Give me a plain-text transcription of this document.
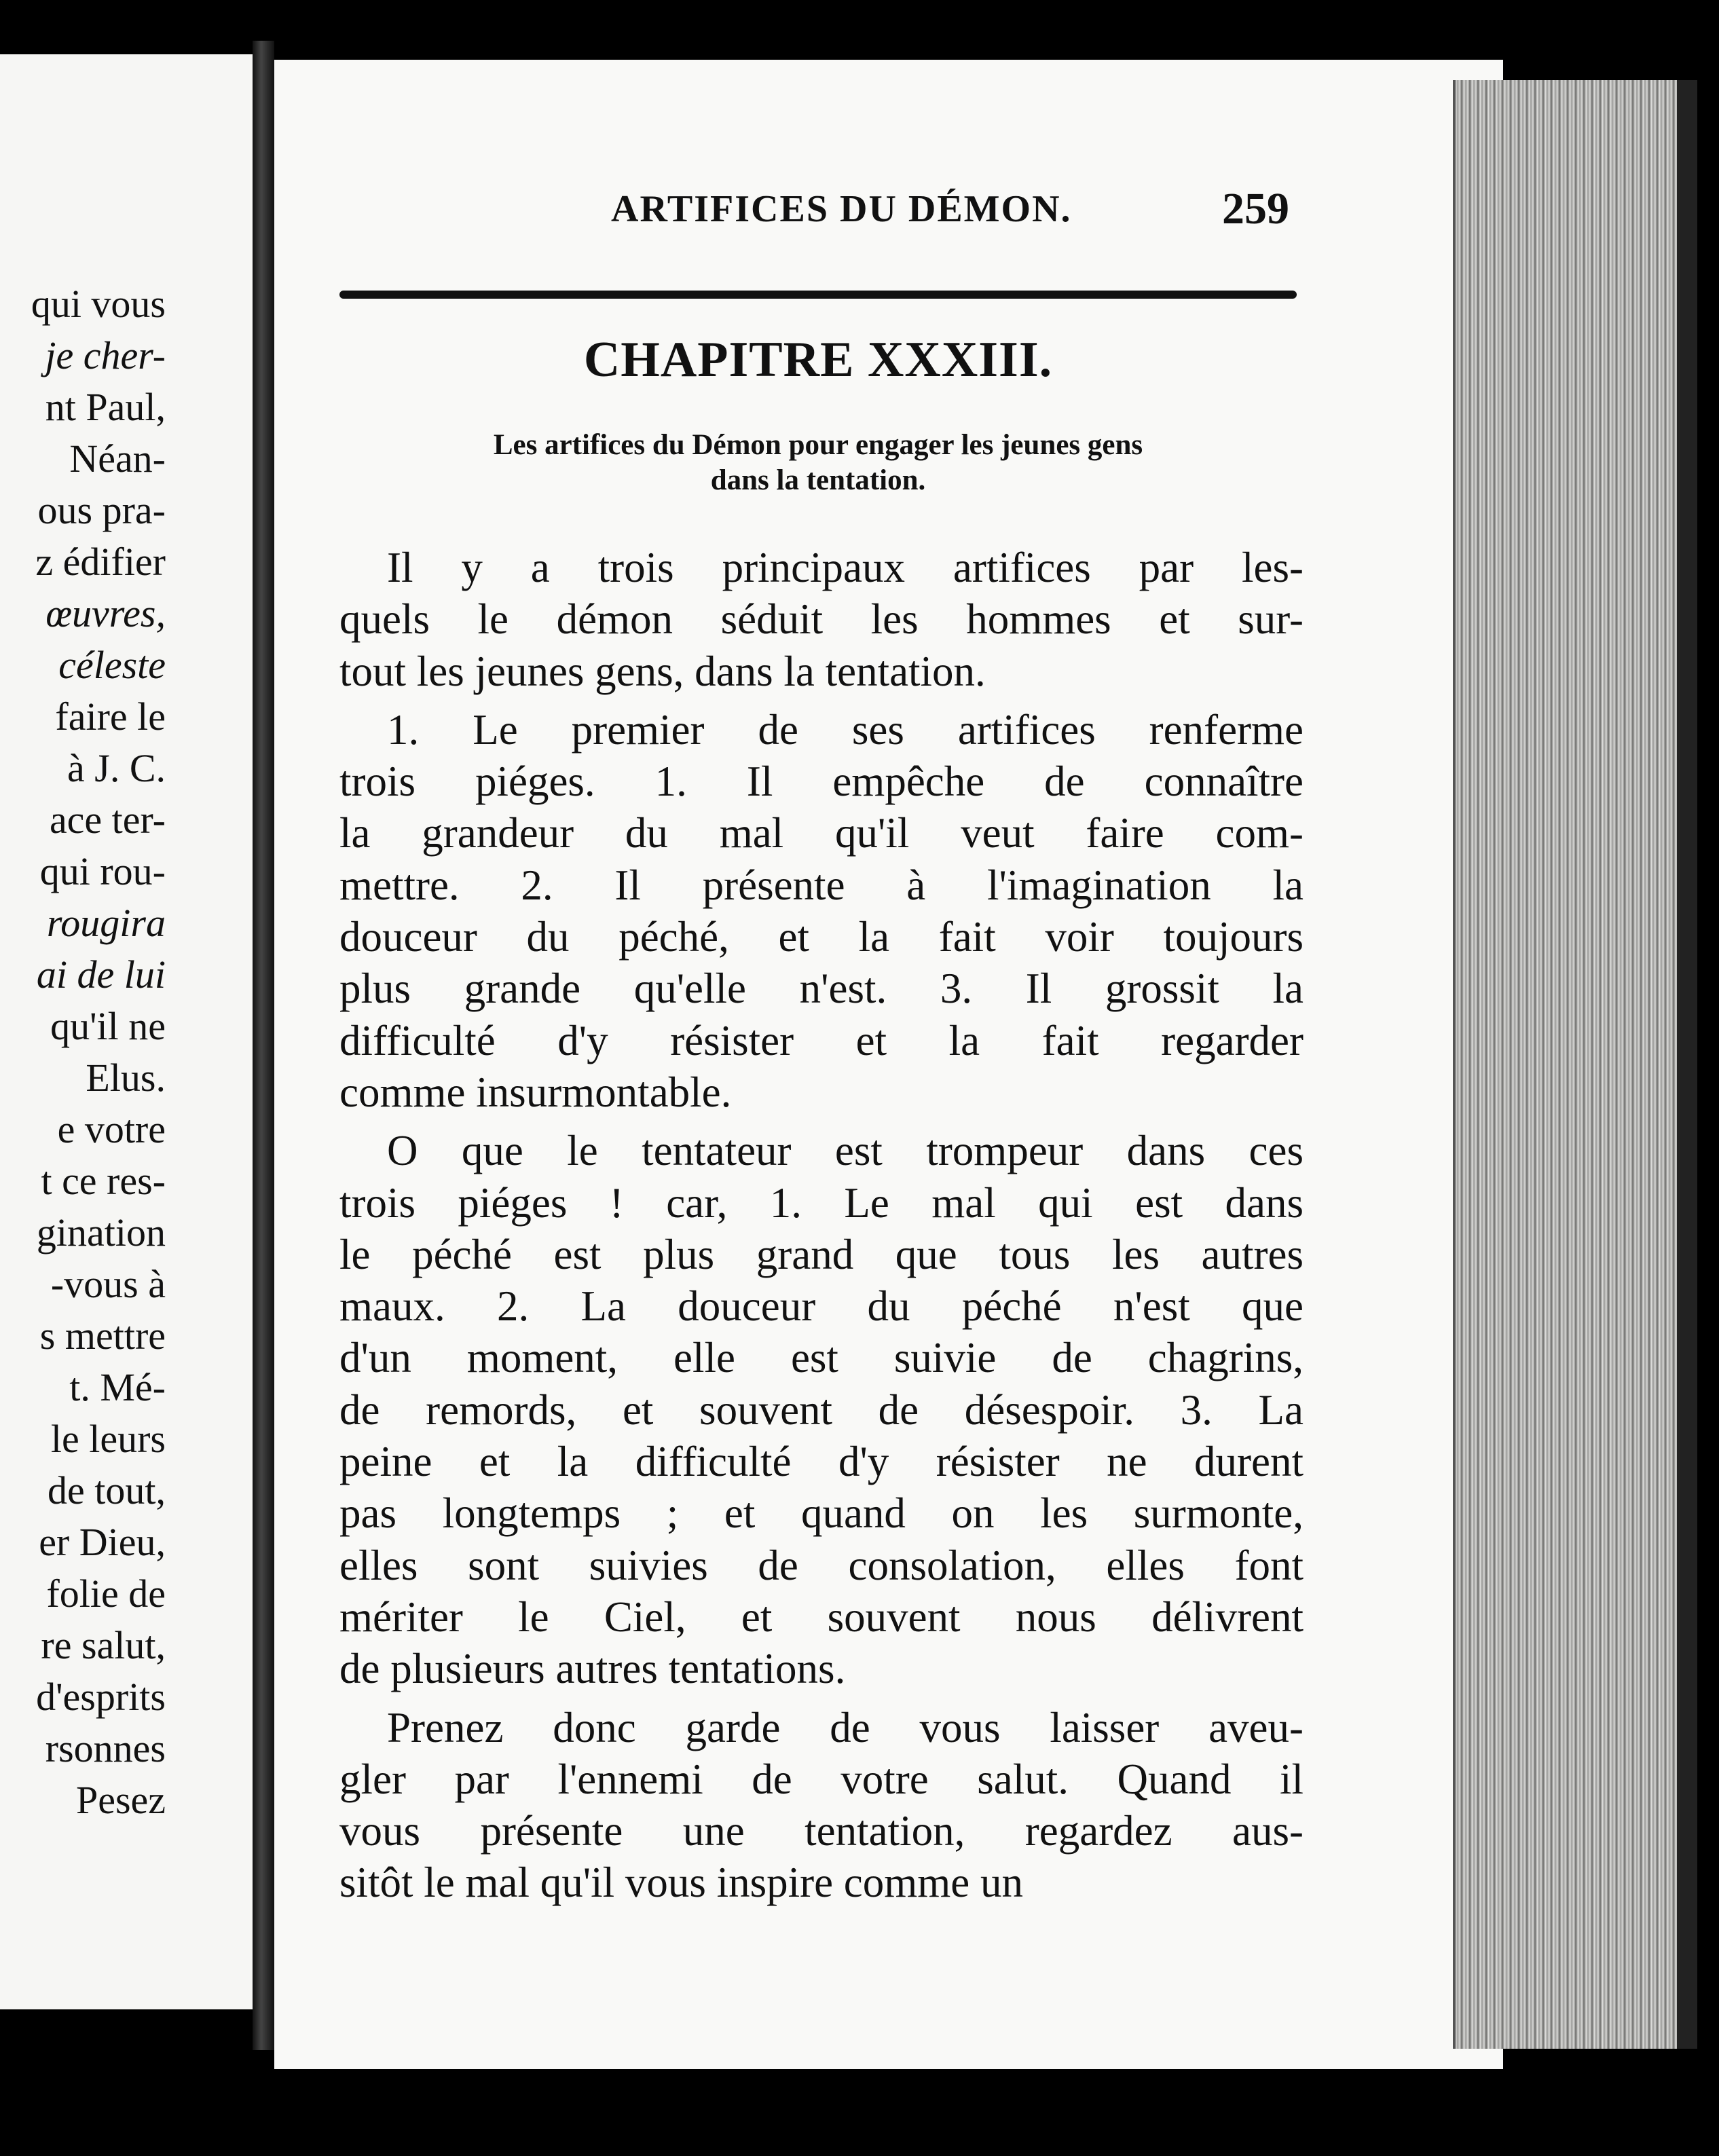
qui vous
je cher-
nt Paul,
Néan-
ous pra-
z édifier
œuvres,
céleste
faire le
à J. C.
ace ter-
qui rou-
rougira
ai de lui
qu'il ne
Elus.
e votre
t ce res-
gination
-vous à
s mettre
t. Mé-
le leurs
de tout,
er Dieu,
folie de
re salut,
d'esprits
rsonnes
Pesez
ARTIFICES DU DÉMON.	259
CHAPITRE XXXIII.
Les artifices du Démon pour engager les jeunes gens
dans la tentation.
Il y a trois principaux artifices par les-
quels le démon séduit les hommes et sur-
tout les jeunes gens, dans la tentation.
1. Le premier de ses artifices renferme
trois piéges. 1. Il empêche de connaître
la grandeur du mal qu'il veut faire com-
mettre. 2. Il présente à l'imagination la
douceur du péché, et la fait voir toujours
plus grande qu'elle n'est. 3. Il grossit la
difficulté d'y résister et la fait regarder
comme insurmontable.
O que le tentateur est trompeur dans ces
trois piéges ! car, 1. Le mal qui est dans
le péché est plus grand que tous les autres
maux. 2. La douceur du péché n'est que
d'un moment, elle est suivie de chagrins,
de remords, et souvent de désespoir. 3. La
peine et la difficulté d'y résister ne durent
pas longtemps ; et quand on les surmonte,
elles sont suivies de consolation, elles font
mériter le Ciel, et souvent nous délivrent
de plusieurs autres tentations.
Prenez donc garde de vous laisser aveu-
gler par l'ennemi de votre salut. Quand il
vous présente une tentation, regardez aus-
sitôt le mal qu'il vous inspire comme un
